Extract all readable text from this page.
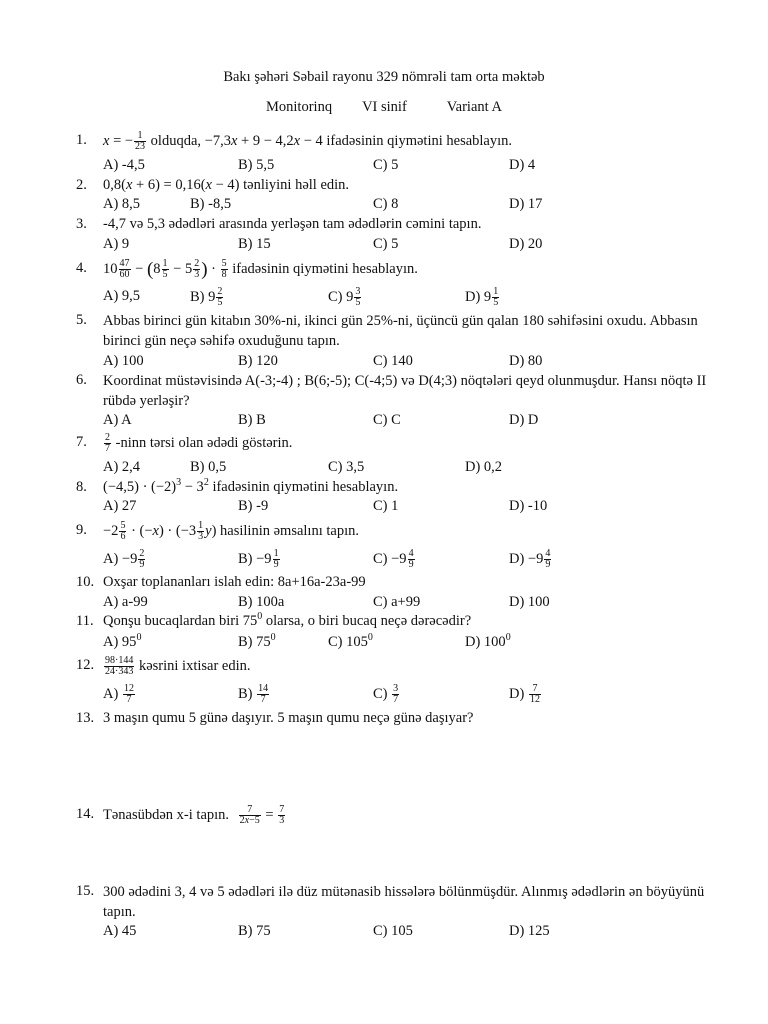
Bakı şəhəri Səbail rayonu 329 nömrəli tam orta məktəb
Monitorinq VI sinif	Variant A
1.	x = − $\frac{1}{23}$ olduqda, −7,3x + 9 − 4,2x − 4 ifadəsinin qiymətini hesablayın.
A) -4,5	B) 5,5	C) 5	D) 4
2.	0,8(x + 6) = 0,16(x − 4) tənliyini həll edin.
A) 8,5	B) -8,5	C) 8	D) 17
3.	-4,7 və 5,3 ədədləri arasında yerləşən tam ədədlərin cəmini tapın.
A) 9	B) 15	C) 5	D) 20
4.	$10 \frac{47}{60} - (8 \frac{1}{5} - 5 \frac{2}{3}$ ) · $\frac{5}{8}$ ifadəsinin qiymətini hesablayın.
A) 9,5	B) $9 \frac{2}{5}$	C) $9 \frac{3}{5}$	D) $9 \frac{1}{5}$
5.	Abbas birinci gün kitabın 30%-ni, ikinci gün 25%-ni, üçüncü gün qalan 180 səhifəsini oxudu. Abbasın birinci gün neçə səhifə oxuduğunu tapın.
A) 100	B) 120	C) 140	D) 80
6.	Koordinat müstəvisində A(-3;-4) ; B(6;-5); C(-4;5) və D(4;3) nöqtələri qeyd olunmuşdur. Hansı nöqtə II rübdə yerləşir?
A) A	B) B	C) C	D) D
7.	$\frac{2}{7}$ -ninn tərsi olan ədədi göstərin.
A) 2,4	B) 0,5	C) 3,5	D) 0,2
8.	$(-4,5) \cdot (-2)^3 - 3^2$ ifadəsinin qiymətini hesablayın.
A) 27	B) -9	C) 1	D) -10
9.	$-2 \frac{5}{6} \cdot (-x) \cdot (-3 \frac{1}{3} y)$ hasilinin əmsalını tapın.
$A) -9 \frac{2}{9}$	$B) -9 \frac{1}{9}$	$C) -9 \frac{4}{9}$	$D) -9 \frac{4}{9}$
10. Oxşar toplananları islah edin: 8a+16a-23a-99
A) a-99	B) 100a	C) a+99	D) 100
11. Qonşu bucaqlardan biri $75^0$ olarsa, o biri bucaq neçə dərəcədir?
A) $95^0$	B) $75^0$	C) $105^0$	D) $100^0$
12. $\frac{98\cdot 144}{24\cdot 343}$ kəsrini ixtisar edin.
$A) \frac{12}{7}$	$B) \frac{14}{7}$	$C) \frac{3}{7}$	$D) \frac{7}{12}$
13. 3 maşın qumu 5 günə daşıyır. 5 maşın qumu neçə günə daşıyar?
14. Tənasübdən x-i tapın. $\frac{7}{2x-5} = \frac{7}{3}$
15. 300 ədədini 3, 4 və 5 ədədləri ilə düz mütənasib hissələrə bölünmüşdür. Alınmış ədədlərin ən böyüyünü tapın.
A) 45	B) 75	C) 105	D) 125
